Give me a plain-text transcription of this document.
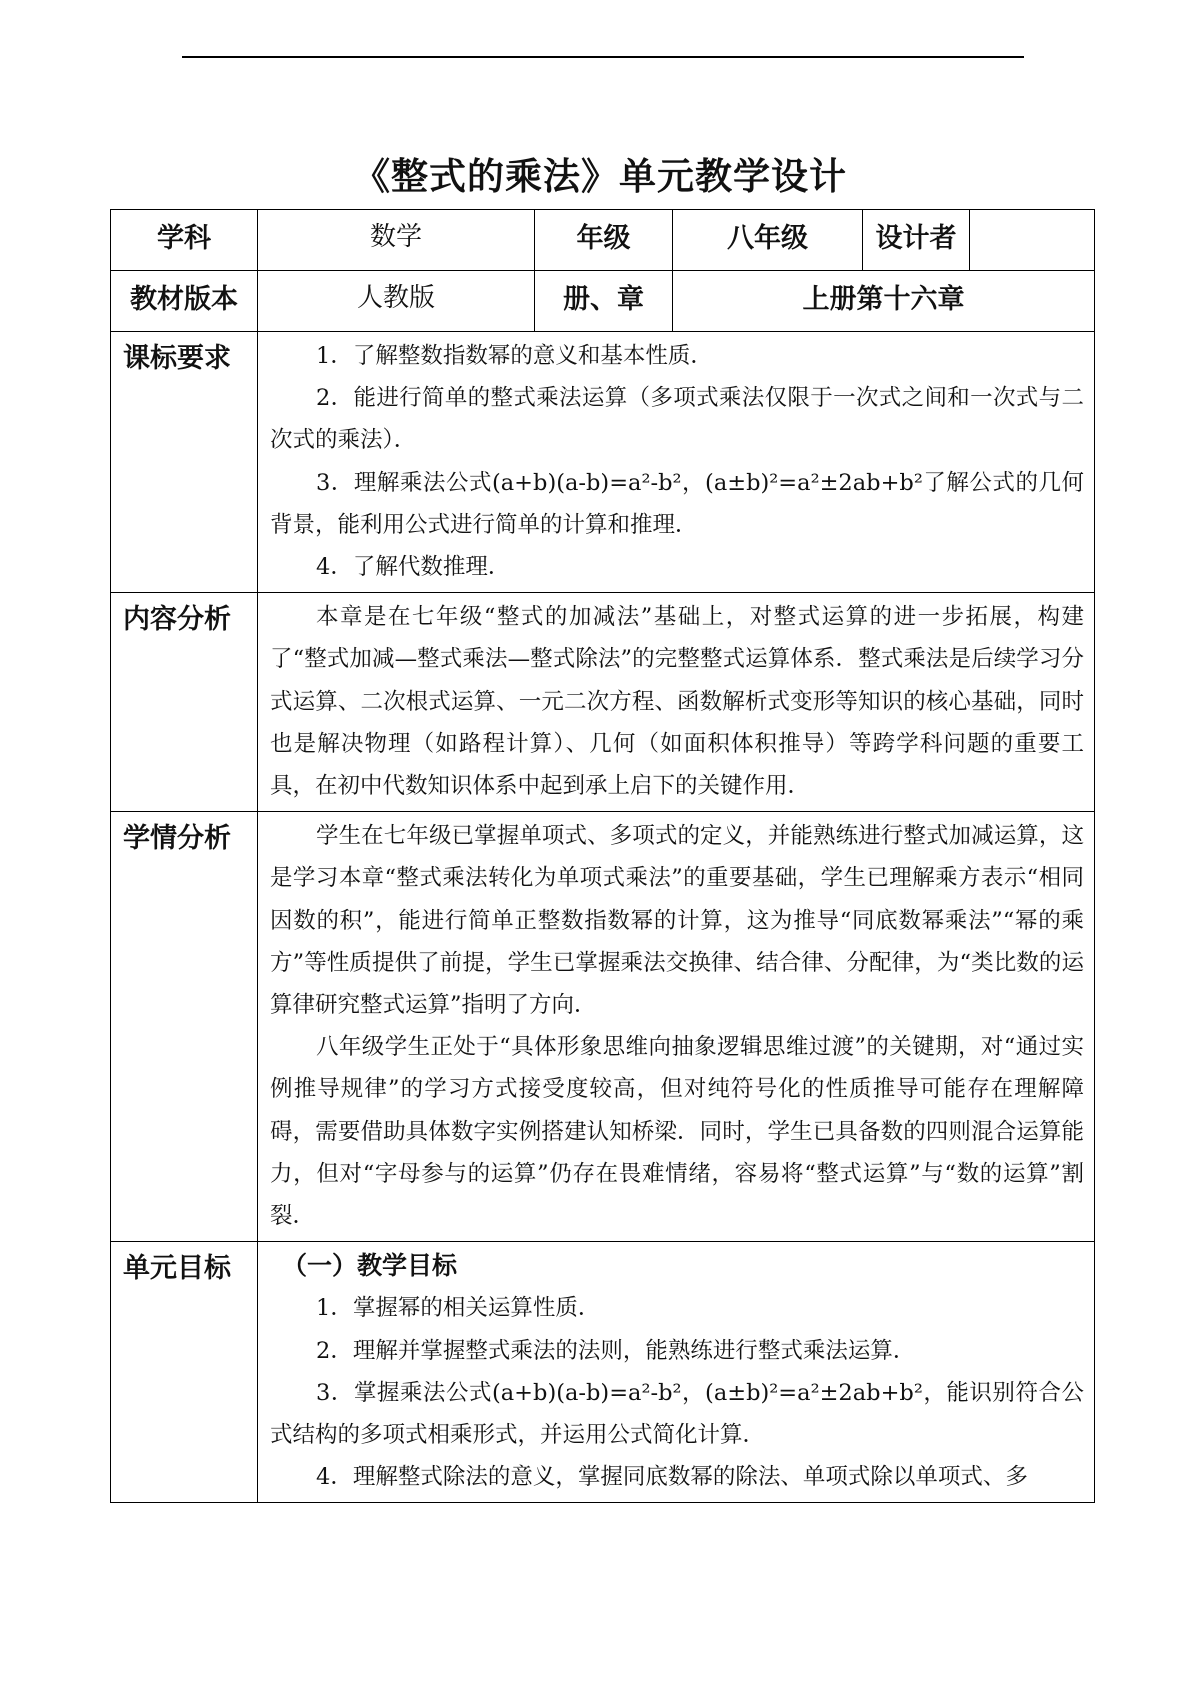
《整式的乘法》单元教学设计
学科	数学	年级	八年级	设计者	
教材版本	人教版	册、章	上册第十六章		
课标要求	1．了解整数指数幂的意义和基本性质．

2．能进行简单的整式乘法运算（多项式乘法仅限于一次式之间和一次式与二次式的乘法）．

3．理解乘法公式(a+b)(a-b)=a²-b²，(a±b)²=a²±2ab+b²了解公式的几何背景，能利用公式进行简单的计算和推理．

4．了解代数推理．				

内容分析	本章是在七年级“整式的加减法”基础上，对整式运算的进一步拓展，构建了“整式加减—整式乘法—整式除法”的完整整式运算体系．整式乘法是后续学习分式运算、二次根式运算、一元二次方程、函数解析式变形等知识的核心基础，同时也是解决物理（如路程计算）、几何（如面积体积推导）等跨学科问题的重要工具，在初中代数知识体系中起到承上启下的关键作用．				

学情分析	学生在七年级已掌握单项式、多项式的定义，并能熟练进行整式加减运算，这是学习本章“整式乘法转化为单项式乘法”的重要基础，学生已理解乘方表示“相同因数的积”，能进行简单正整数指数幂的计算，这为推导“同底数幂乘法”“幂的乘方”等性质提供了前提，学生已掌握乘法交换律、结合律、分配律，为“类比数的运算律研究整式运算”指明了方向．

八年级学生正处于“具体形象思维向抽象逻辑思维过渡”的关键期，对“通过实例推导规律”的学习方式接受度较高，但对纯符号化的性质推导可能存在理解障碍，需要借助具体数字实例搭建认知桥梁．同时，学生已具备数的四则混合运算能力，但对“字母参与的运算”仍存在畏难情绪，容易将“整式运算”与“数的运算”割裂．				

单元目标	（一）教学目标

1．掌握幂的相关运算性质．

2．理解并掌握整式乘法的法则，能熟练进行整式乘法运算．

3．掌握乘法公式(a+b)(a-b)=a²-b²，(a±b)²=a²±2ab+b²，能识别符合公式结构的多项式相乘形式，并运用公式简化计算．

4．理解整式除法的意义，掌握同底数幂的除法、单项式除以单项式、多				
